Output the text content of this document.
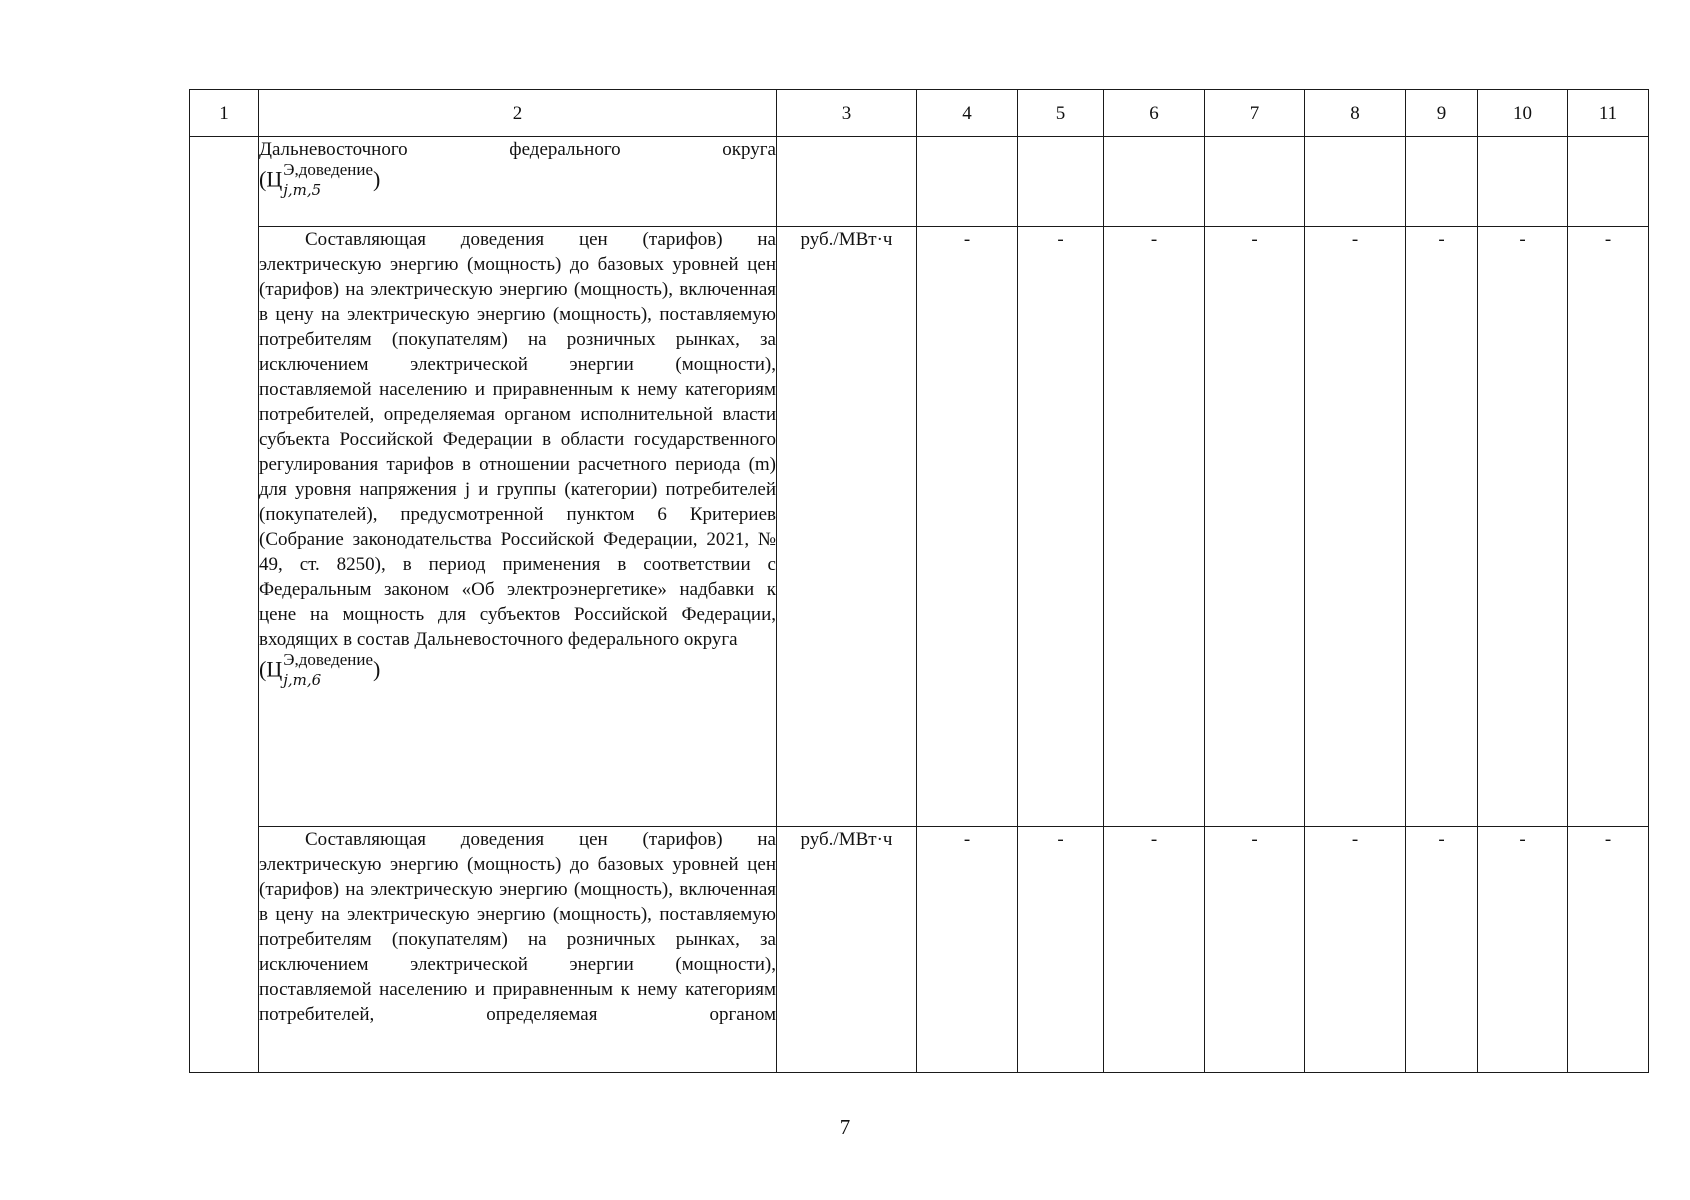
1	2	3	4	5	6	7	8	9	10	11

	Дальневосточного федерального округа
(Ц Э,доведение
j,m,5 )									

	Составляющая доведения цен (тарифов) на электрическую энергию (мощность) до базовых уровней цен (тарифов) на электрическую энергию (мощность), включенная в цену на электрическую энергию (мощность), поставляемую потребителям (покупателям) на розничных рынках, за исключением электрической энергии (мощности), поставляемой населению и приравненным к нему категориям потребителей, определяемая органом исполнительной власти субъекта Российской Федерации в области государственного регулирования тарифов в отношении расчетного периода (m) для уровня напряжения j и группы (категории) потребителей (покупателей), предусмотренной пунктом 6 Критериев (Собрание законодательства Российской Федерации, 2021, № 49, ст. 8250), в период применения в соответствии с Федеральным законом «Об электроэнергетике» надбавки к цене на мощность для субъектов Российской Федерации, входящих в состав Дальневосточного федерального округа
(Ц Э,доведение
j,m,6 )	руб./МВт·ч	-	-	-	-	-	-	-	-

	Составляющая доведения цен (тарифов) на электрическую энергию (мощность) до базовых уровней цен (тарифов) на электрическую энергию (мощность), включенная в цену на электрическую энергию (мощность), поставляемую потребителям (покупателям) на розничных рынках, за исключением электрической энергии (мощности), поставляемой населению и приравненным к нему категориям потребителей, определяемая органом	руб./МВт·ч	-	-	-	-	-	-	-	-
7
